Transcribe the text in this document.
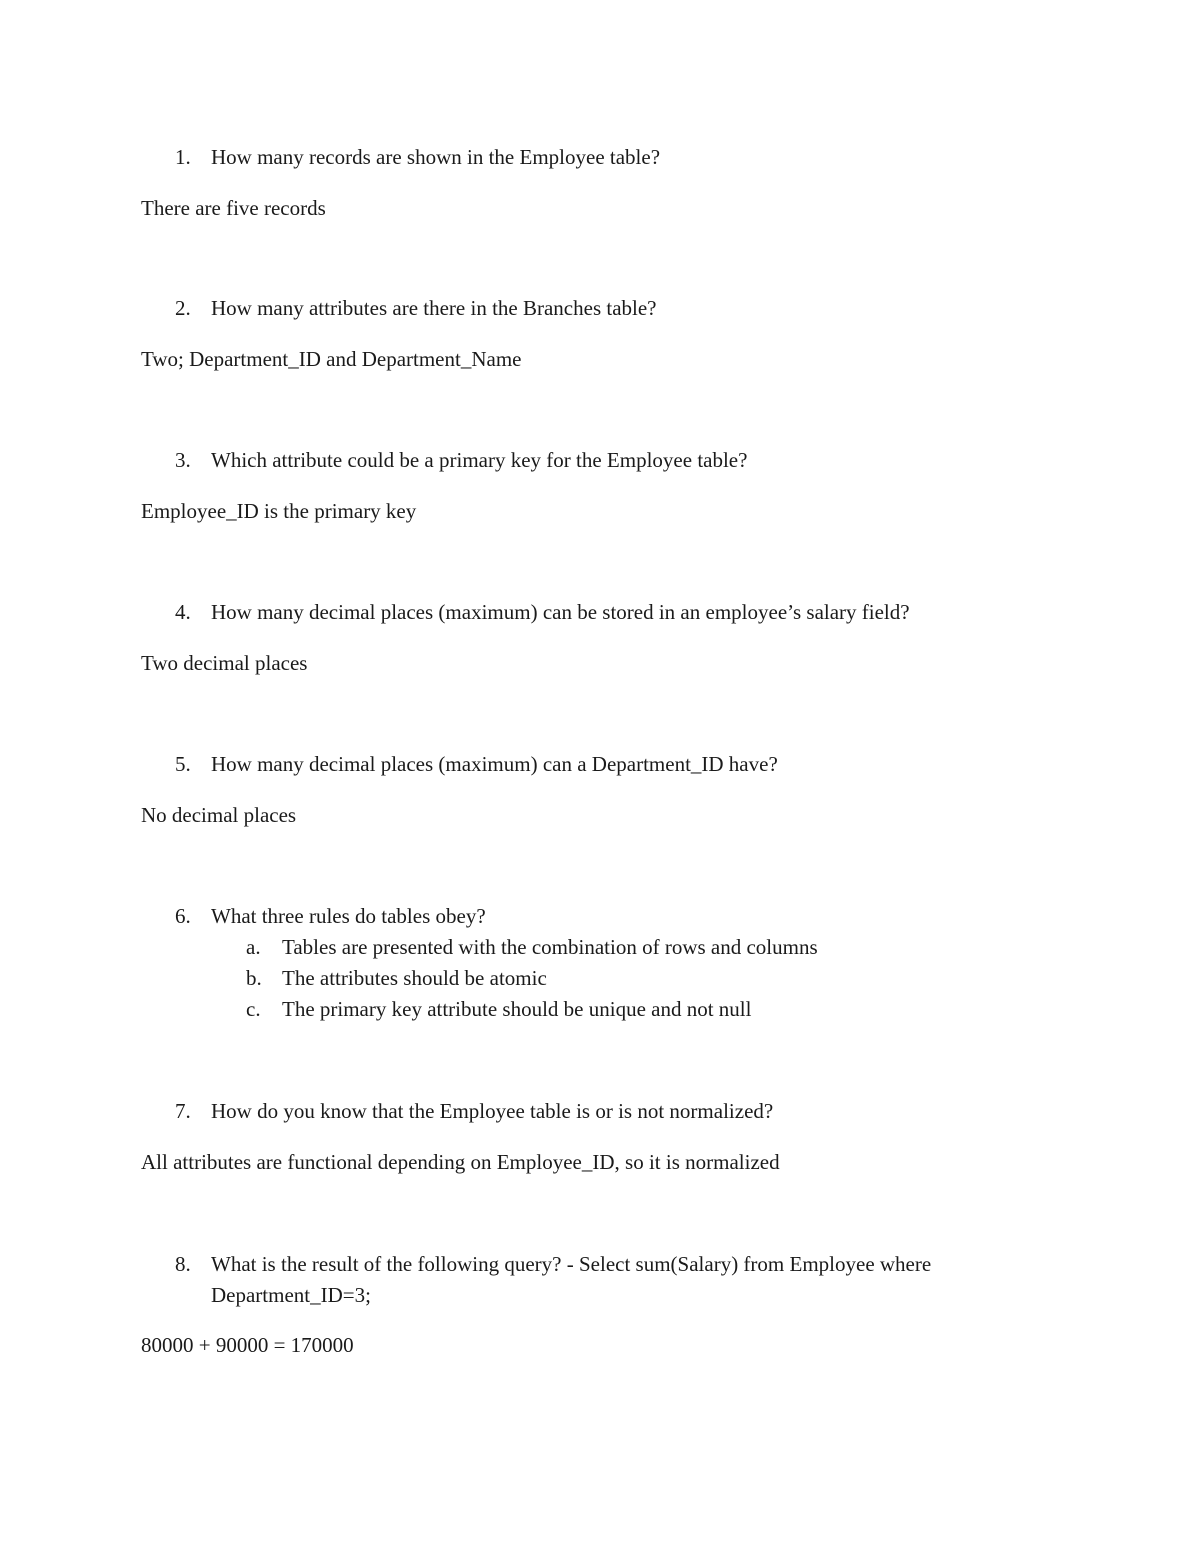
1. How many records are shown in the Employee table?
There are five records
2. How many attributes are there in the Branches table?
Two; Department_ID and Department_Name
3. Which attribute could be a primary key for the Employee table?
Employee_ID is the primary key
4. How many decimal places (maximum) can be stored in an employee’s salary field?
Two decimal places
5. How many decimal places (maximum) can a Department_ID have?
No decimal places
6. What three rules do tables obey?
a.	Tables are presented with the combination of rows and columns
b. The attributes should be atomic
c.	The primary key attribute should be unique and not null
7. How do you know that the Employee table is or is not normalized?
All attributes are functional depending on Employee_ID, so it is normalized
8. What is the result of the following query? - Select sum(Salary) from Employee where
Department_ID=3;
80000 + 90000 = 170000
